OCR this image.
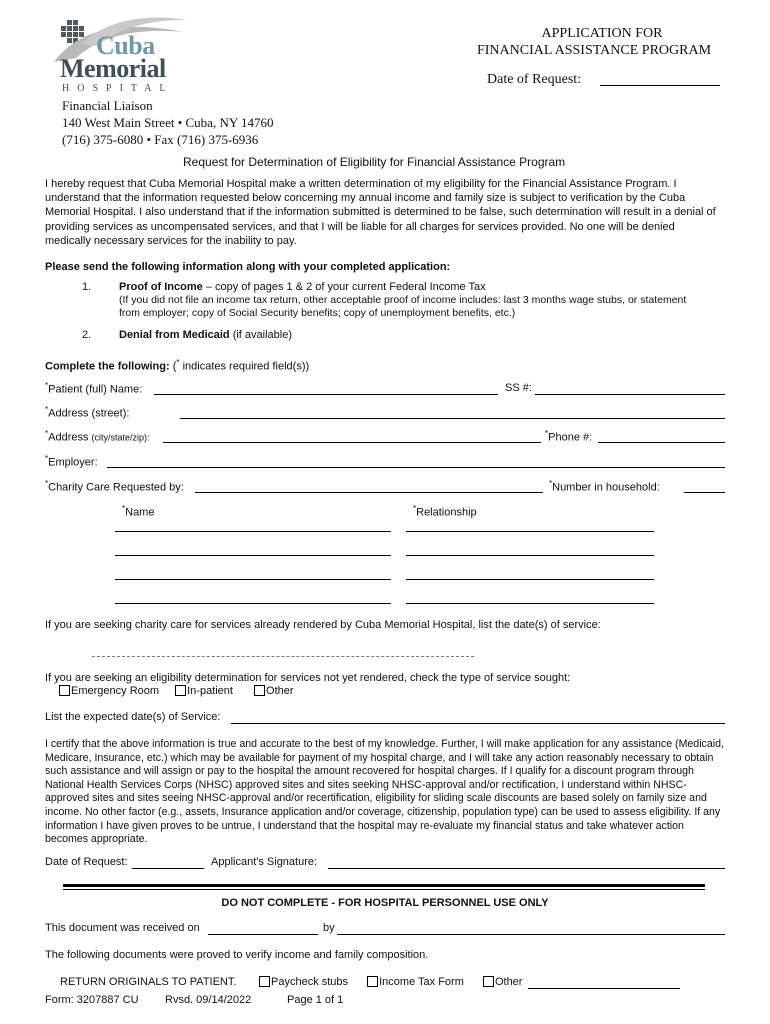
Cuba
Memorial
HOSPITAL
APPLICATION FOR
FINANCIAL ASSISTANCE PROGRAM
Date of Request:
Financial Liaison
140 West Main Street • Cuba, NY 14760
(716) 375-6080 • Fax (716) 375-6936
Request for Determination of Eligibility for Financial Assistance Program
I hereby request that Cuba Memorial Hospital make a written determination of my eligibility for the Financial Assistance Program. I understand that the information requested below concerning my annual income and family size is subject to verification by the Cuba Memorial Hospital. I also understand that if the information submitted is determined to be false, such determination will result in a denial of providing services as uncompensated services, and that I will be liable for all charges for services provided. No one will be denied medically necessary services for the inability to pay.
Please send the following information along with your completed application:
1.	Proof of Income – copy of pages 1 & 2 of your current Federal Income Tax
(If you did not file an income tax return, other acceptable proof of income includes: last 3 months wage stubs, or statement from employer; copy of Social Security benefits; copy of unemployment benefits, etc.)
2.	Denial from Medicaid (if available)
Complete the following: (* indicates required field(s))
*Patient (full) Name:	SS #:
*Address (street):
*Address (city/state/zip):	*Phone #:
*Employer:
*Charity Care Requested by:	*Number in household:
*Name	*Relationship
If you are seeking charity care for services already rendered by Cuba Memorial Hospital, list the date(s) of service:
If you are seeking an eligibility determination for services not yet rendered, check the type of service sought:
Emergency Room	In-patient	Other
List the expected date(s) of Service:
I certify that the above information is true and accurate to the best of my knowledge. Further, I will make application for any assistance (Medicaid, Medicare, Insurance, etc.) which may be available for payment of my hospital charge, and I will take any action reasonably necessary to obtain such assistance and will assign or pay to the hospital the amount recovered for hospital charges. If I qualify for a discount program through National Health Services Corps (NHSC) approved sites and sites seeking NHSC-approval and/or rectification, I understand within NHSC-approved sites and sites seeing NHSC-approval and/or recertification, eligibility for sliding scale discounts are based solely on family size and income. No other factor (e.g., assets, Insurance application and/or coverage, citizenship, population type) can be used to assess eligibility. If any information I have given proves to be untrue, I understand that the hospital may re-evaluate my financial status and take whatever action becomes appropriate.
Date of Request:	Applicant's Signature:
DO NOT COMPLETE - FOR HOSPITAL PERSONNEL USE ONLY
This document was received on	by
The following documents were proved to verify income and family composition.
RETURN ORIGINALS TO PATIENT.	Paycheck stubs	Income Tax Form	Other
Form: 3207887 CU Rvsd. 09/14/2022	Page 1 of 1
